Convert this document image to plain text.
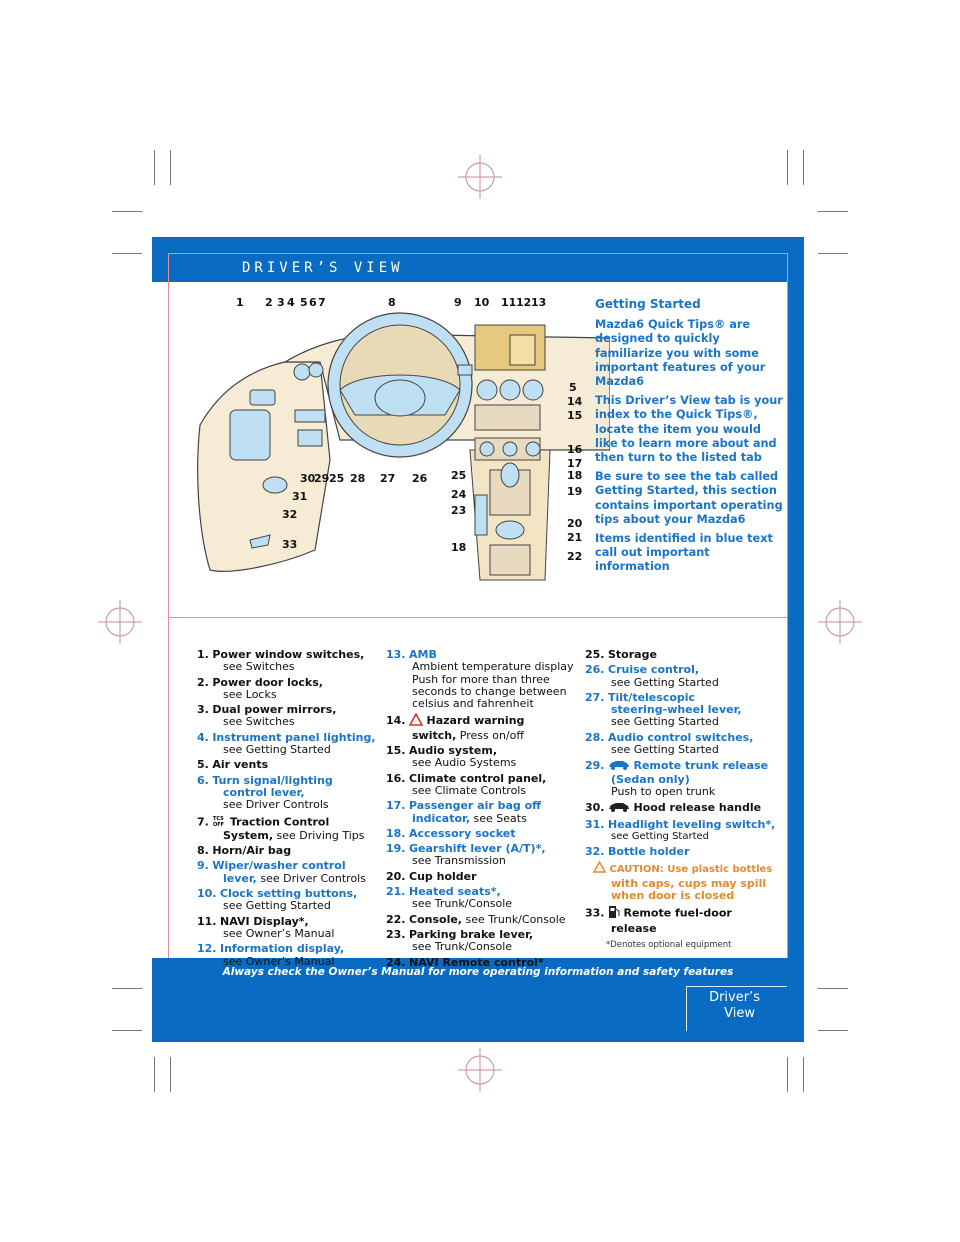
DRIVER’S VIEW
1 2 3 4 5 6 7	8	9 10 11 12 13
5
14
15
16
17
18
19
20
21
22
30
29 25 28 27 26
31
32
33
25
24
23
18

Getting Started

Mazda6 Quick Tips® are designed to quickly familiarize you with some important features of your Mazda6

This Driver’s View tab is your index to the Quick Tips®, locate the item you would like to learn more about and then turn to the listed tab

Be sure to see the tab called Getting Started, this section contains important operating tips about your Mazda6

Items identified in blue text call out important information

1. Power window switches,
see Switches
2. Power door locks,
see Locks
3. Dual power mirrors,
see Switches
4. Instrument panel lighting,
see Getting Started
5. Air vents
6. Turn signal/lighting
control lever,
see Driver Controls
7. TCS
OFF Traction Control
System, see Driving Tips
8. Horn/Air bag
9. Wiper/washer control
lever, see Driver Controls
10. Clock setting buttons,
see Getting Started
11. NAVI Display*,
see Owner’s Manual
12. Information display,
see Owner’s Manual
13. AMB
Ambient temperature display Push for more than three seconds to change between celsius and fahrenheit
14. Hazard warning
switch, Press on/off
15. Audio system,
see Audio Systems
16. Climate control panel,
see Climate Controls
17. Passenger air bag off
indicator, see Seats
18. Accessory socket
19. Gearshift lever (A/T)*,
see Transmission
20. Cup holder
21. Heated seats*,
see Trunk/Console
22. Console, see Trunk/Console
23. Parking brake lever,
see Trunk/Console
24. NAVI Remote control*
25. Storage
26. Cruise control,
see Getting Started
27. Tilt/telescopic
steering-wheel lever,
see Getting Started
28. Audio control switches,
see Getting Started
29.	Remote trunk release
(Sedan only)
Push to open trunk
30.	Hood release handle
31. Headlight leveling switch*,
see Getting Started
32. Bottle holder
CAUTION: Use plastic bottles
with caps, cups may spill
when door is closed
33. Remote fuel-door
release
*Denotes optional equipment
Always check the Owner’s Manual for more operating information and safety features
Driver’s
View
